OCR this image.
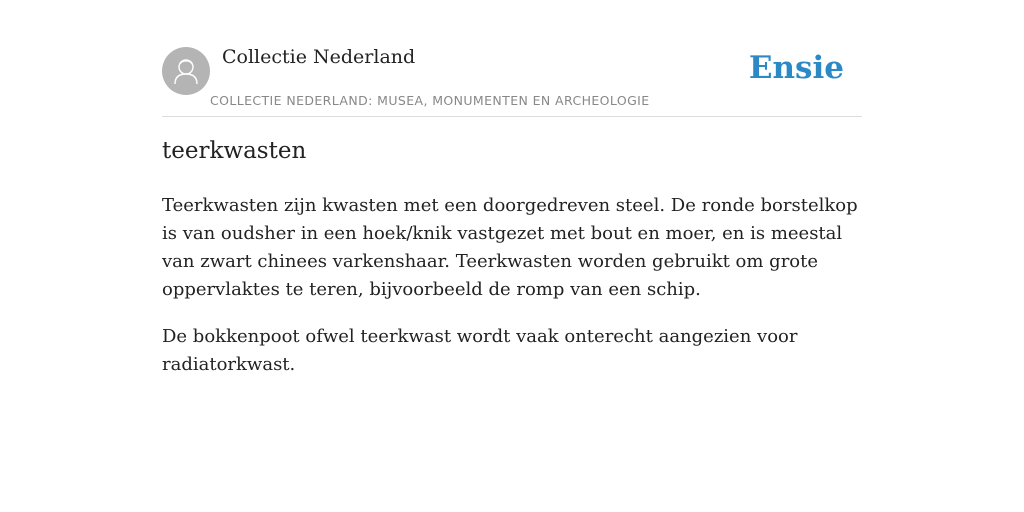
Collectie Nederland
COLLECTIE NEDERLAND: MUSEA, MONUMENTEN EN ARCHEOLOGIE
Ensie
teerkwasten

Teerkwasten zijn kwasten met een doorgedreven steel. De ronde borstelkop is van oudsher in een hoek/knik vastgezet met bout en moer, en is meestal van zwart chinees varkenshaar. Teerkwasten worden gebruikt om grote oppervlaktes te teren, bijvoorbeeld de romp van een schip.

De bokkenpoot ofwel teerkwast wordt vaak onterecht aangezien voor radiatorkwast.
